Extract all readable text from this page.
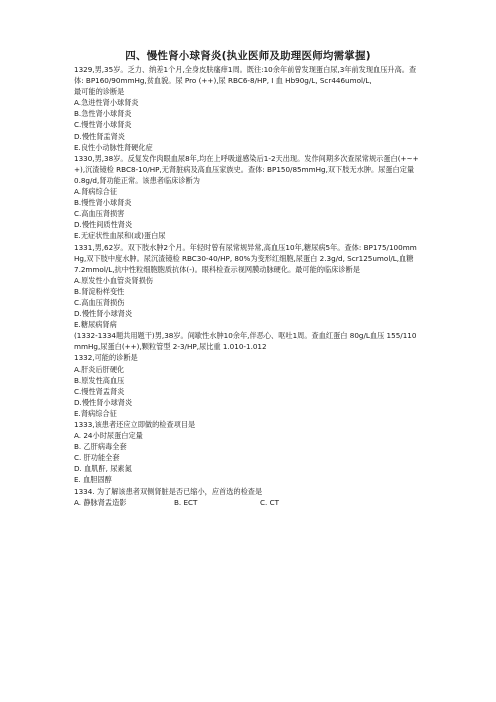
四、慢性肾小球肾炎(执业医师及助理医师均需掌握)

1329,男,35岁。乏力、纳差1个月,全身皮肤瘙痒1周。既往:10余年前曾发现蛋白尿,3年前发现血压升高。查体: BP160/90mmHg,贫血貌。尿 Pro (++),尿 RBC6-8/HP, I 血 Hb90g/L, Scr446umol/L,

最可能的诊断是

A.急进性肾小球肾炎

B.急性肾小球肾炎

C.慢性肾小球肾炎

D.慢性肾盂肾炎

E.良性小动脉性肾硬化症

1330,男,38岁。反复发作肉眼血尿8年,均在上呼吸道感染后1-2天出现。发作间期多次查尿常规示蛋白(+~++),沉渣镜检 RBC8-10/HP,无肾脏病及高血压家族史。查体: BP150/85mmHg,双下肢无水肿。尿蛋白定量 0.8g/d,肾功能正常。该患者临床诊断为

A.肾病综合征

B.慢性肾小球肾炎

C.高血压肾损害

D.慢性间质性肾炎

E.无症状性血尿和(或)蛋白尿

1331,男,62岁。双下肢水肿2个月。年轻时曾有尿常规异常,高血压10年,糖尿病5年。查体: BP175/100mmHg,双下肢中度水肿。尿沉渣镜检 RBC30-40/HP, 80%为变形红细胞,尿蛋白 2.3g/d, Scr125umol/L,血糖 7.2mmol/L,抗中性粒细胞胞质抗体(-)。眼科检查示视网膜动脉硬化。最可能的临床诊断是

A.原发性小血管炎肾损伤

B.肾淀粉样变性

C.高血压肾损伤

D.慢性肾小球肾炎

E.糖尿病肾病

(1332-1334题共用题干)男,38岁。间歇性水肿10余年,伴恶心、呕吐1周。查血红蛋白 80g/L血压 155/110mmHg,尿蛋白(++),颗粒管型 2-3/HP,尿比重 1.010-1.012

1332,可能的诊断是

A.肝炎后肝硬化

B.原发性高血压

C.慢性肾盂肾炎

D.慢性肾小球肾炎

E.肾病综合征

1333,该患者还应立即做的检查项目是

A. 24小时尿蛋白定量

B. 乙肝病毒全套

C. 肝功能全套

D. 血肌酐, 尿素氮

E. 血胆固醇

1334. 为了解该患者双侧肾脏是否已缩小，应首选的检查是

A. 静脉肾盂造影	B. ECT	C. CT
